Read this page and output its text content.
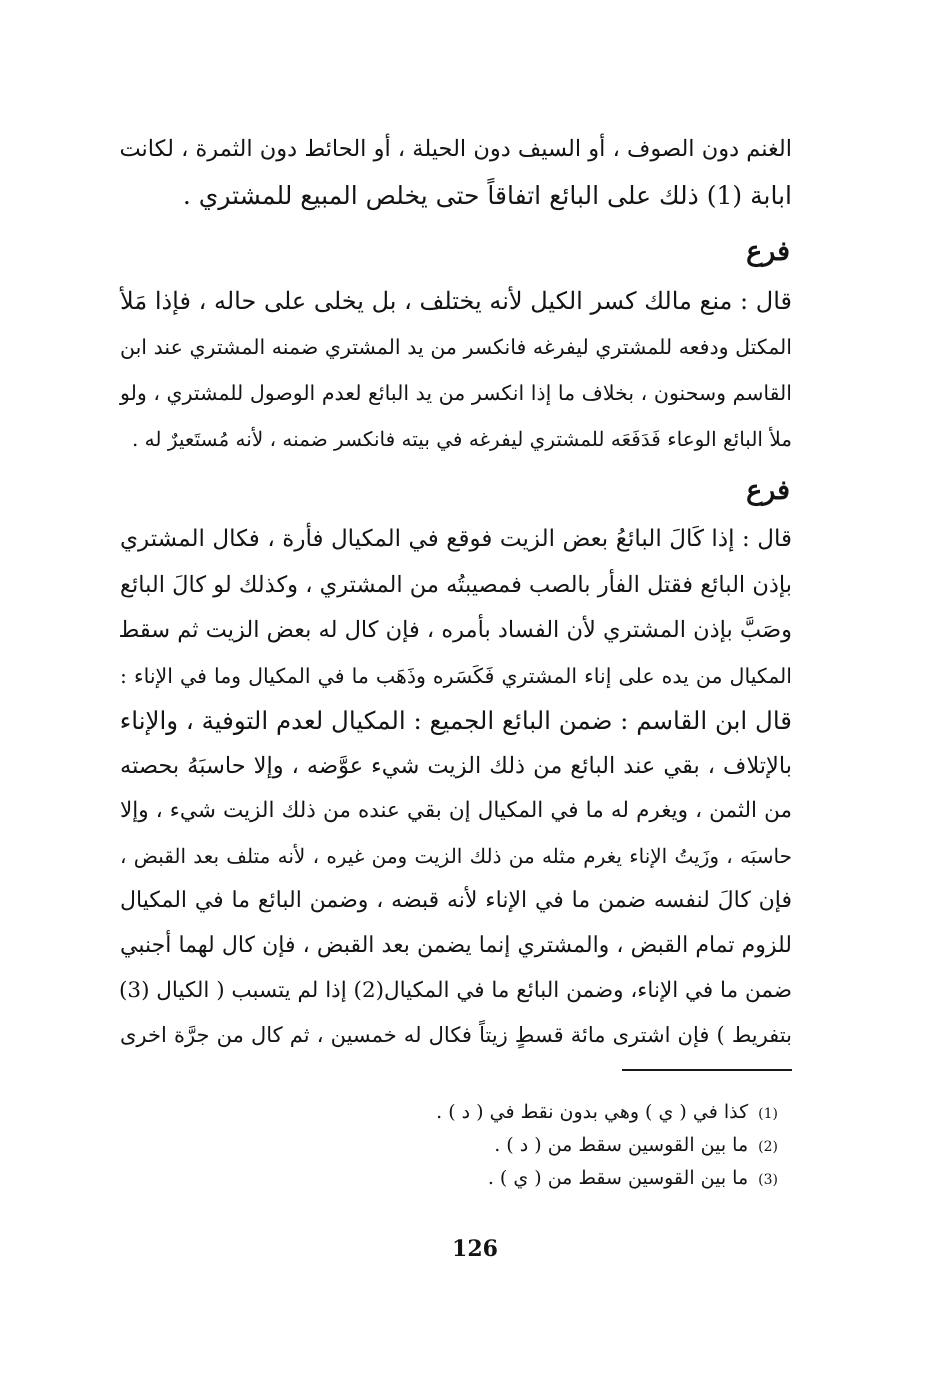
الغنم دون الصوف ، أو السيف دون الحيلة ، أو الحائط دون الثمرة ، لكانت
ابابة (1) ذلك على البائع اتفاقاً حتى يخلص المبيع للمشتري .
فرع
قال : منع مالك كسر الكيل لأنه يختلف ، بل يخلى على حاله ، فإذا مَلأ
المكتل ودفعه للمشتري ليفرغه فانكسر من يد المشتري ضمنه المشتري عند ابن
القاسم وسحنون ، بخلاف ما إذا انكسر من يد البائع لعدم الوصول للمشتري ، ولو
ملأ البائع الوعاء فَدَفَعَه للمشتري ليفرغه في بيته فانكسر ضمنه ، لأنه مُستَعيرٌ له .
فرع
قال : إذا كَالَ البائعُ بعض الزيت فوقع في المكيال فأرة ، فكال المشتري
بإذن البائع فقتل الفأر بالصب فمصيبتُه من المشتري ، وكذلك لو كالَ البائع
وصَبَّ بإذن المشتري لأن الفساد بأمره ، فإن كال له بعض الزيت ثم سقط
المكيال من يده على إناء المشتري فَكَسَره وذَهَب ما في المكيال وما في الإناء :
قال ابن القاسم : ضمن البائع الجميع : المكيال لعدم التوفية ، والإناء
بالإتلاف ، بقي عند البائع من ذلك الزيت شيء عوَّضه ، وإلا حاسبَهُ بحصته
من الثمن ، ويغرم له ما في المكيال إن بقي عنده من ذلك الزيت شيء ، وإلا
حاسبَه ، وزَيتُ الإناء يغرم مثله من ذلك الزيت ومن غيره ، لأنه متلف بعد القبض ،
فإن كالَ لنفسه ضمن ما في الإناء لأنه قبضه ، وضمن البائع ما في المكيال
للزوم تمام القبض ، والمشتري إنما يضمن بعد القبض ، فإن كال لهما أجنبي
ضمن ما في الإناء، وضمن البائع ما في المكيال(2) إذا لم يتسبب ( الكيال (3)
بتفريط ) فإن اشترى مائة قسطٍ زيتاً فكال له خمسين ، ثم كال من جرَّة اخرى
(1)كذا في ( ي ) وهي بدون نقط في ( د ) .
(2)ما بين القوسين سقط من ( د ) .
(3)ما بين القوسين سقط من ( ي ) .
126
